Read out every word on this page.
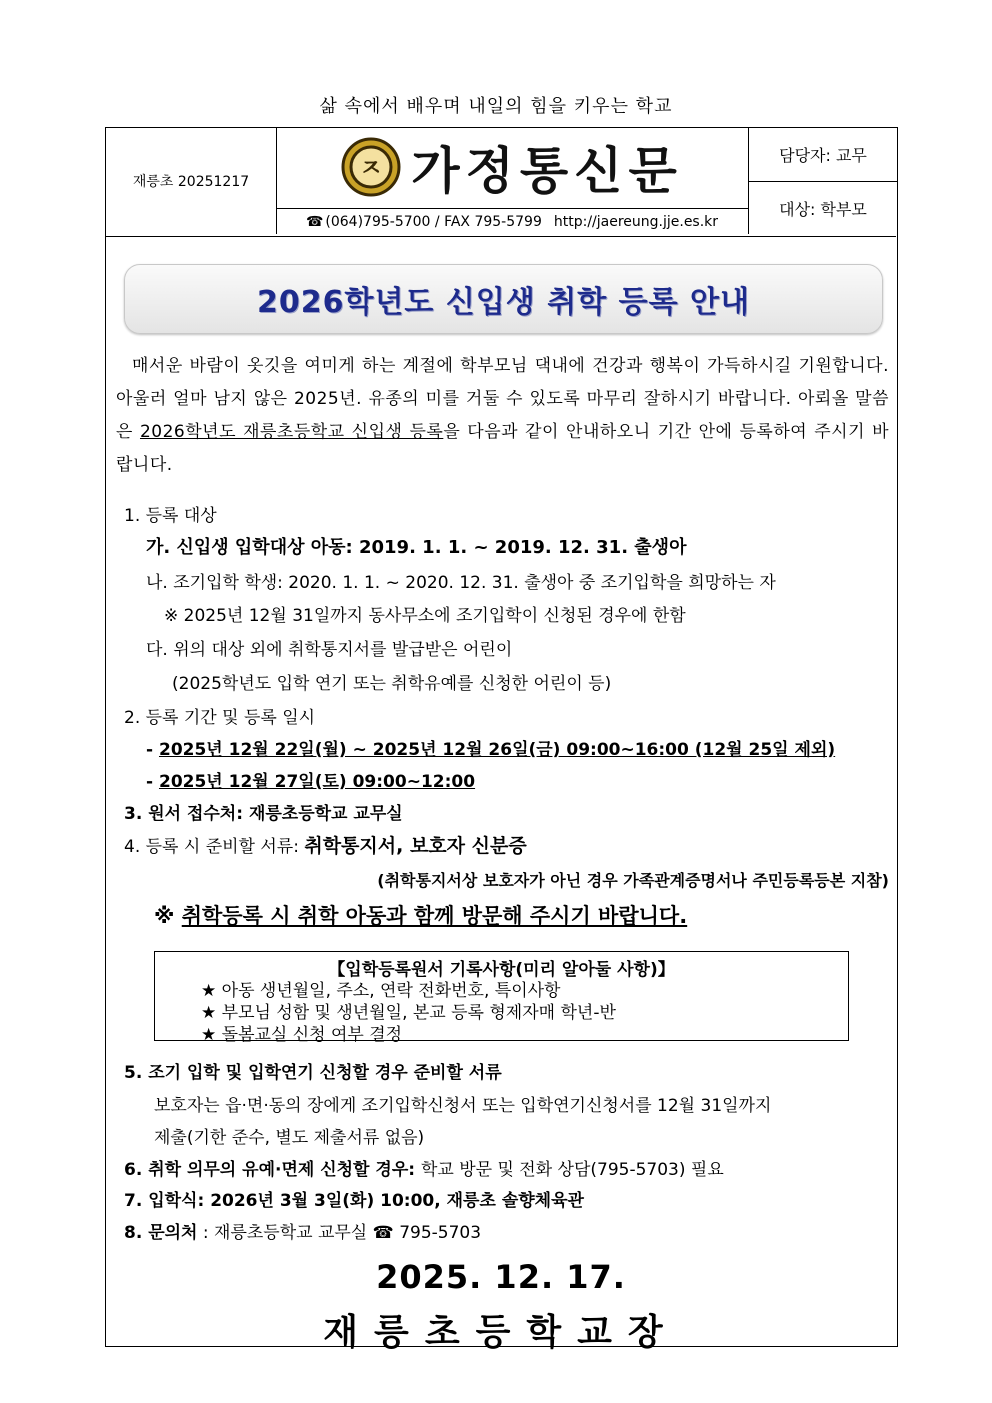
삶 속에서 배우며 내일의 힘을 키우는 학교
재릉초 20251217	ㅈ 가정통신문
☎ (064)795-5700 / FAX 795-5799 http://jaereung.jje.es.kr
담당자: 교무
대상: 학부모
2026학년도 신입생 취학 등록 안내
매서운 바람이 옷깃을 여미게 하는 계절에 학부모님 댁내에 건강과 행복이 가득하시길 기원합니다. 아울러 얼마 남지 않은 2025년. 유종의 미를 거둘 수 있도록 마무리 잘하시기 바랍니다. 아뢰올 말씀은 2026학년도 재릉초등학교 신입생 등록을 다음과 같이 안내하오니 기간 안에 등록하여 주시기 바랍니다.
1. 등록 대상
가. 신입생 입학대상 아동: 2019. 1. 1. ~ 2019. 12. 31. 출생아
나. 조기입학 학생: 2020. 1. 1. ~ 2020. 12. 31. 출생아 중 조기입학을 희망하는 자
※ 2025년 12월 31일까지 동사무소에 조기입학이 신청된 경우에 한함
다. 위의 대상 외에 취학통지서를 발급받은 어린이
(2025학년도 입학 연기 또는 취학유예를 신청한 어린이 등)
2. 등록 기간 및 등록 일시
- 2025년 12월 22일(월) ~ 2025년 12월 26일(금) 09:00~16:00 (12월 25일 제외)
- 2025년 12월 27일(토) 09:00~12:00
3. 원서 접수처: 재릉초등학교 교무실
4. 등록 시 준비할 서류: 취학통지서, 보호자 신분증
(취학통지서상 보호자가 아닌 경우 가족관계증명서나 주민등록등본 지참)
※ 취학등록 시 취학 아동과 함께 방문해 주시기 바랍니다.
【입학등록원서 기록사항(미리 알아둘 사항)】
★ 아동 생년월일, 주소, 연락 전화번호, 특이사항
★ 부모님 성함 및 생년월일, 본교 등록 형제자매 학년-반
★ 돌봄교실 신청 여부 결정
5. 조기 입학 및 입학연기 신청할 경우 준비할 서류
보호자는 읍·면·동의 장에게 조기입학신청서 또는 입학연기신청서를 12월 31일까지
제출(기한 준수, 별도 제출서류 없음)
6. 취학 의무의 유예·면제 신청할 경우: 학교 방문 및 전화 상담(795-5703) 필요
7. 입학식: 2026년 3월 3일(화) 10:00, 재릉초 솔향체육관
8. 문의처 : 재릉초등학교 교무실 ☎ 795-5703
2025. 12. 17.
재릉초등학교장
